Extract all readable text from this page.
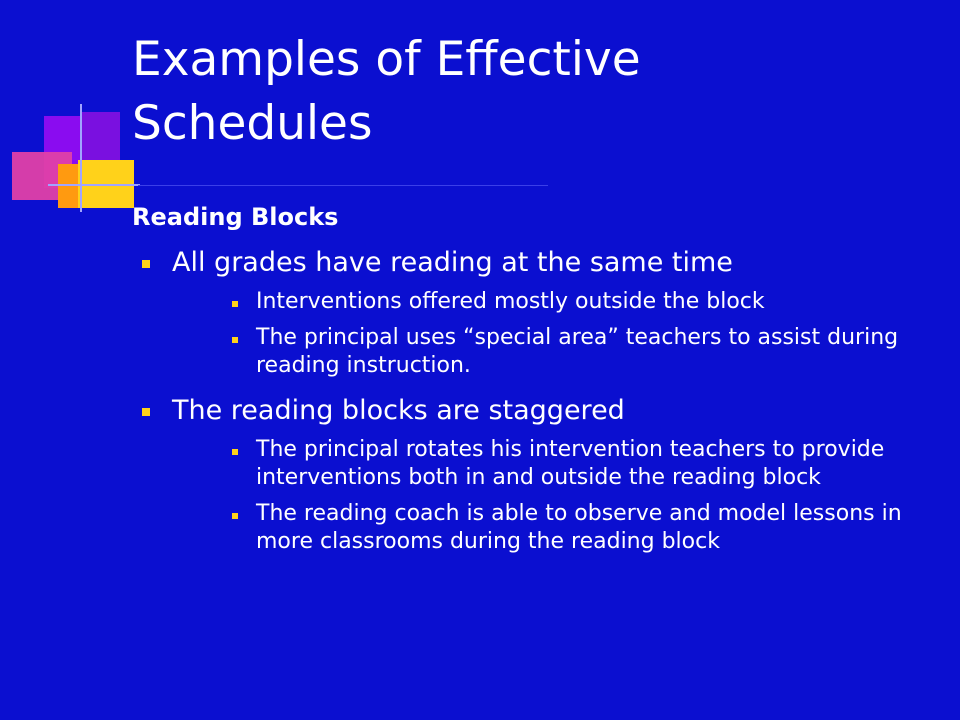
Examples of Effective
Schedules
Reading Blocks
All grades have reading at the same time
Interventions offered mostly outside the block
The principal uses “special area” teachers to assist during reading instruction.
The reading blocks are staggered
The principal rotates his intervention teachers to provide interventions both in and outside the reading block
The reading coach is able to observe and model lessons in more classrooms during the reading block
